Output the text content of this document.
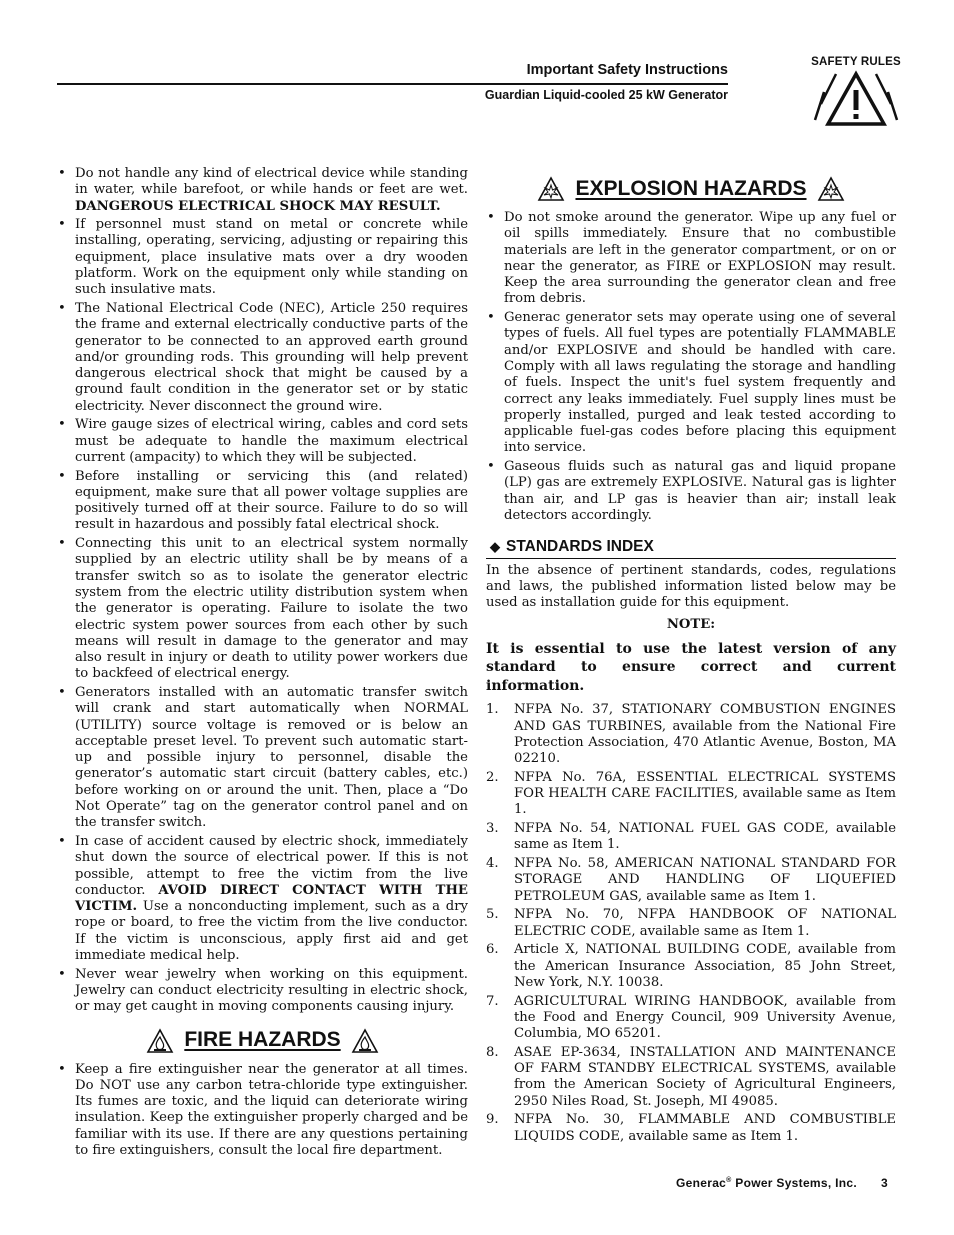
Important Safety Instructions
Guardian Liquid-cooled 25 kW Generator
SAFETY RULES
• Do not handle any kind of electrical device while standing in water, while barefoot, or while hands or feet are wet. DANGEROUS ELECTRICAL SHOCK MAY RESULT.
• If personnel must stand on metal or concrete while installing, operating, servicing, adjusting or repairing this equipment, place insulative mats over a dry wooden platform. Work on the equipment only while standing on such insulative mats.
• The National Electrical Code (NEC), Article 250 requires the frame and external electrically conductive parts of the generator to be connected to an approved earth ground and/or grounding rods. This grounding will help prevent dangerous electrical shock that might be caused by a ground fault condition in the generator set or by static electricity. Never disconnect the ground wire.
• Wire gauge sizes of electrical wiring, cables and cord sets must be adequate to handle the maximum electrical current (ampacity) to which they will be subjected.
• Before installing or servicing this (and related) equipment, make sure that all power voltage supplies are positively turned off at their source. Failure to do so will result in hazardous and possibly fatal electrical shock.
• Connecting this unit to an electrical system normally supplied by an electric utility shall be by means of a transfer switch so as to isolate the generator electric system from the electric utility distribution system when the generator is operating. Failure to isolate the two electric system power sources from each other by such means will result in damage to the generator and may also result in injury or death to utility power workers due to backfeed of electrical energy.
• Generators installed with an automatic transfer switch will crank and start automatically when NORMAL (UTILITY) source voltage is removed or is below an acceptable preset level. To prevent such automatic start-up and possible injury to personnel, disable the generator’s automatic start circuit (battery cables, etc.) before working on or around the unit. Then, place a “Do Not Operate” tag on the generator control panel and on the transfer switch.
• In case of accident caused by electric shock, immediately shut down the source of electrical power. If this is not possible, attempt to free the victim from the live conductor. AVOID DIRECT CONTACT WITH THE VICTIM. Use a nonconducting implement, such as a dry rope or board, to free the victim from the live conductor. If the victim is unconscious, apply first aid and get immediate medical help.
• Never wear jewelry when working on this equipment. Jewelry can conduct electricity resulting in electric shock, or may get caught in moving components causing injury.
FIRE HAZARDS
• Keep a fire extinguisher near the generator at all times. Do NOT use any carbon tetra-chloride type extinguisher. Its fumes are toxic, and the liquid can deteriorate wiring insulation. Keep the extinguisher properly charged and be familiar with its use. If there are any questions pertaining to fire extinguishers, consult the local fire department.
EXPLOSION HAZARDS
• Do not smoke around the generator. Wipe up any fuel or oil spills immediately. Ensure that no combustible materials are left in the generator compartment, or on or near the generator, as FIRE or EXPLOSION may result. Keep the area surrounding the generator clean and free from debris.
• Generac generator sets may operate using one of several types of fuels. All fuel types are potentially FLAMMABLE and/or EXPLOSIVE and should be handled with care. Comply with all laws regulating the storage and handling of fuels. Inspect the unit's fuel system frequently and correct any leaks immediately. Fuel supply lines must be properly installed, purged and leak tested according to applicable fuel-gas codes before placing this equipment into service.
• Gaseous fluids such as natural gas and liquid propane (LP) gas are extremely EXPLOSIVE. Natural gas is lighter than air, and LP gas is heavier than air; install leak detectors accordingly.
◆ STANDARDS INDEX

In the absence of pertinent standards, codes, regulations and laws, the published information listed below may be used as installation guide for this equipment.

NOTE:

It is essential to use the latest version of any standard to ensure correct and current information.

1. NFPA No. 37, STATIONARY COMBUSTION ENGINES AND GAS TURBINES, available from the National Fire Protection Association, 470 Atlantic Avenue, Boston, MA 02210.
2. NFPA No. 76A, ESSENTIAL ELECTRICAL SYSTEMS FOR HEALTH CARE FACILITIES, available same as Item 1.
3. NFPA No. 54, NATIONAL FUEL GAS CODE, available same as Item 1.
4. NFPA No. 58, AMERICAN NATIONAL STANDARD FOR STORAGE AND HANDLING OF LIQUEFIED PETROLEUM GAS, available same as Item 1.
5. NFPA No. 70, NFPA HANDBOOK OF NATIONAL ELECTRIC CODE, available same as Item 1.
6. Article X, NATIONAL BUILDING CODE, available from the American Insurance Association, 85 John Street, New York, N.Y. 10038.
7. AGRICULTURAL WIRING HANDBOOK, available from the Food and Energy Council, 909 University Avenue, Columbia, MO 65201.
8. ASAE EP-3634, INSTALLATION AND MAINTENANCE OF FARM STANDBY ELECTRICAL SYSTEMS, available from the American Society of Agricultural Engineers, 2950 Niles Road, St. Joseph, MI 49085.
9. NFPA No. 30, FLAMMABLE AND COMBUSTIBLE LIQUIDS CODE, available same as Item 1.
Generac® Power Systems, Inc. 3
